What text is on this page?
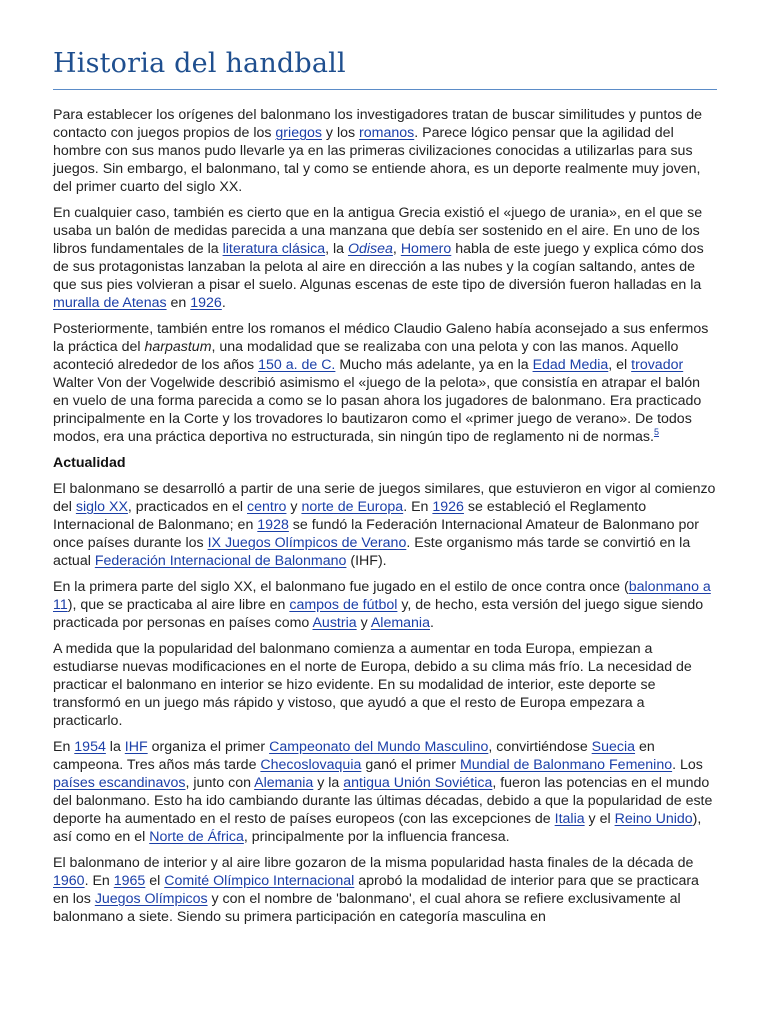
Historia del handball

Para establecer los orígenes del balonmano los investigadores tratan de buscar similitudes y puntos de contacto con juegos propios de los griegos y los romanos. Parece lógico pensar que la agilidad del hombre con sus manos pudo llevarle ya en las primeras civilizaciones conocidas a utilizarlas para sus juegos. Sin embargo, el balonmano, tal y como se entiende ahora, es un deporte realmente muy joven, del primer cuarto del siglo XX.

En cualquier caso, también es cierto que en la antigua Grecia existió el «juego de urania», en el que se usaba un balón de medidas parecida a una manzana que debía ser sostenido en el aire. En uno de los libros fundamentales de la literatura clásica, la Odisea, Homero habla de este juego y explica cómo dos de sus protagonistas lanzaban la pelota al aire en dirección a las nubes y la cogían saltando, antes de que sus pies volvieran a pisar el suelo. Algunas escenas de este tipo de diversión fueron halladas en la muralla de Atenas en 1926.

Posteriormente, también entre los romanos el médico Claudio Galeno había aconsejado a sus enfermos la práctica del harpastum, una modalidad que se realizaba con una pelota y con las manos. Aquello aconteció alrededor de los años 150 a. de C. Mucho más adelante, ya en la Edad Media, el trovador Walter Von der Vogelwide describió asimismo el «juego de la pelota», que consistía en atrapar el balón en vuelo de una forma parecida a como se lo pasan ahora los jugadores de balonmano. Era practicado principalmente en la Corte y los trovadores lo bautizaron como el «primer juego de verano». De todos modos, era una práctica deportiva no estructurada, sin ningún tipo de reglamento ni de normas.$^5$

Actualidad

El balonmano se desarrolló a partir de una serie de juegos similares, que estuvieron en vigor al comienzo del siglo XX, practicados en el centro y norte de Europa. En 1926 se estableció el Reglamento Internacional de Balonmano; en 1928 se fundó la Federación Internacional Amateur de Balonmano por once países durante los IX Juegos Olímpicos de Verano. Este organismo más tarde se convirtió en la actual Federación Internacional de Balonmano (IHF).

En la primera parte del siglo XX, el balonmano fue jugado en el estilo de once contra once (balonmano a 11), que se practicaba al aire libre en campos de fútbol y, de hecho, esta versión del juego sigue siendo practicada por personas en países como Austria y Alemania.

A medida que la popularidad del balonmano comienza a aumentar en toda Europa, empiezan a estudiarse nuevas modificaciones en el norte de Europa, debido a su clima más frío. La necesidad de practicar el balonmano en interior se hizo evidente. En su modalidad de interior, este deporte se transformó en un juego más rápido y vistoso, que ayudó a que el resto de Europa empezara a practicarlo.

En 1954 la IHF organiza el primer Campeonato del Mundo Masculino, convirtiéndose Suecia en campeona. Tres años más tarde Checoslovaquia ganó el primer Mundial de Balonmano Femenino. Los países escandinavos, junto con Alemania y la antigua Unión Soviética, fueron las potencias en el mundo del balonmano. Esto ha ido cambiando durante las últimas décadas, debido a que la popularidad de este deporte ha aumentado en el resto de países europeos (con las excepciones de Italia y el Reino Unido), así como en el Norte de África, principalmente por la influencia francesa.

El balonmano de interior y al aire libre gozaron de la misma popularidad hasta finales de la década de 1960. En 1965 el Comité Olímpico Internacional aprobó la modalidad de interior para que se practicara en los Juegos Olímpicos y con el nombre de 'balonmano', el cual ahora se refiere exclusivamente al balonmano a siete. Siendo su primera participación en categoría masculina en
